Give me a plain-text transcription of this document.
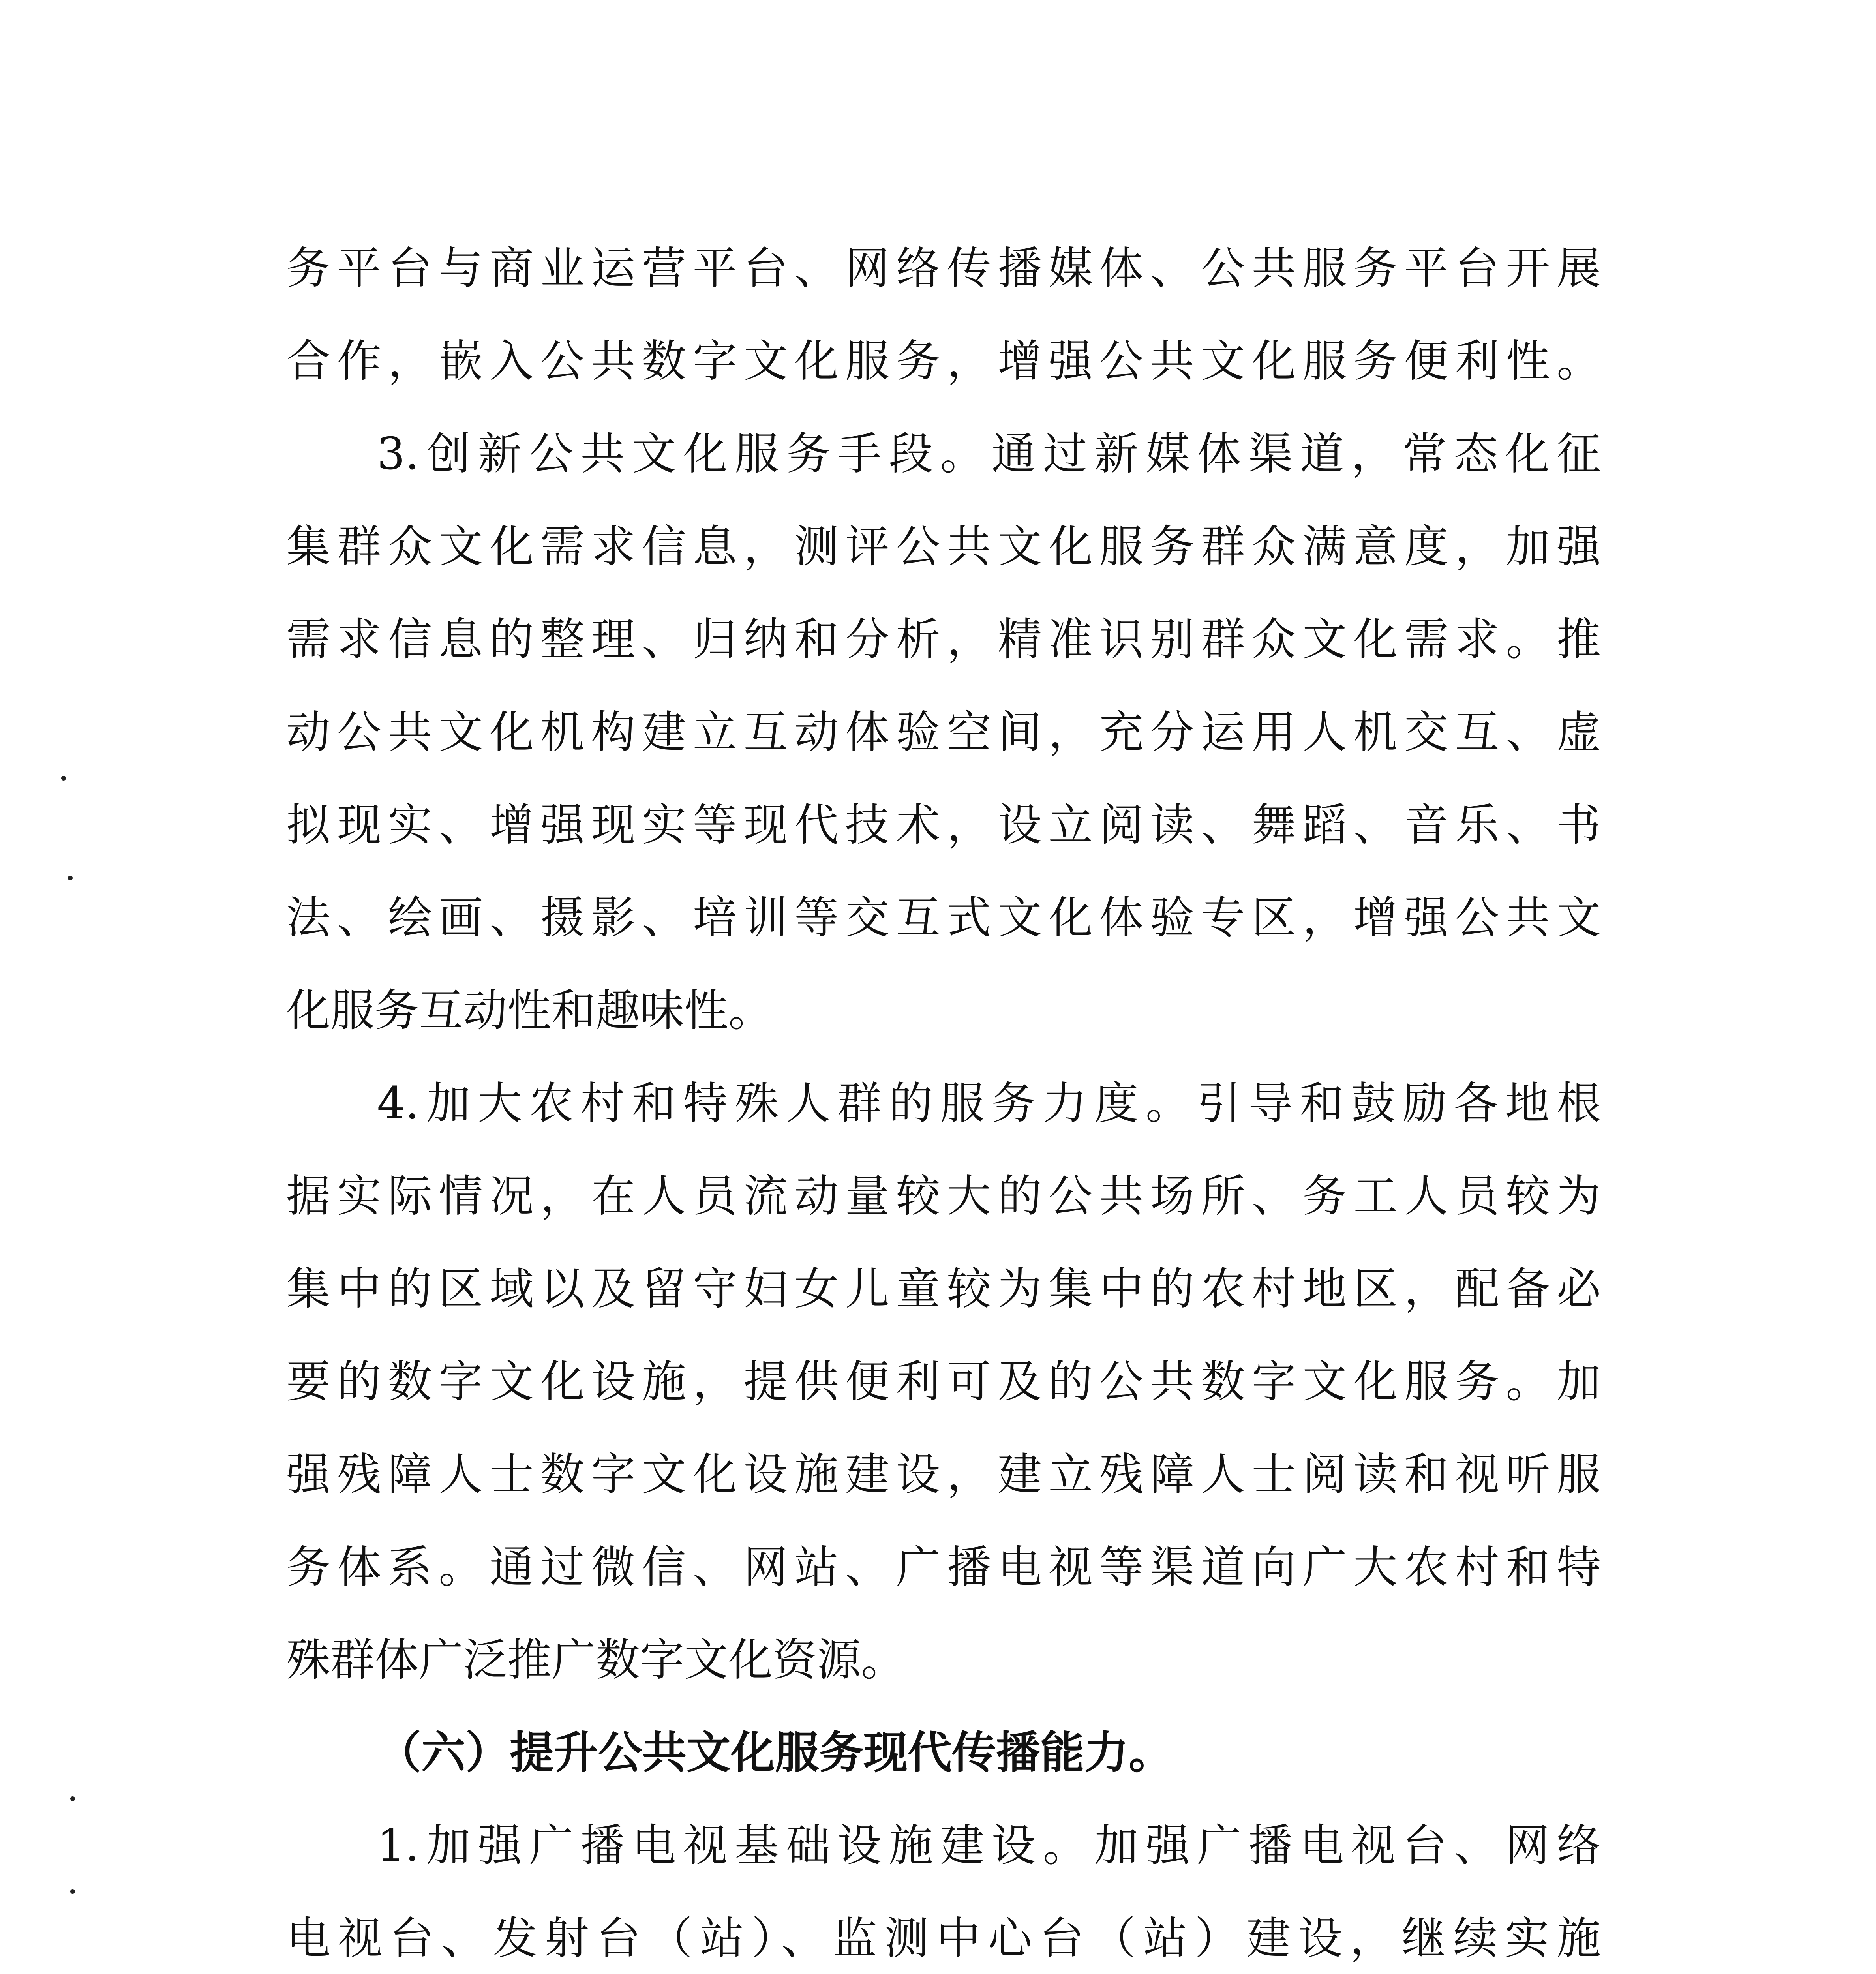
务平台与商业运营平台、网络传播媒体、公共服务平台开展
合作，嵌入公共数字文化服务，增强公共文化服务便利性。
3.创新公共文化服务手段。通过新媒体渠道，常态化征
集群众文化需求信息，测评公共文化服务群众满意度，加强
需求信息的整理、归纳和分析，精准识别群众文化需求。推
动公共文化机构建立互动体验空间，充分运用人机交互、虚
拟现实、增强现实等现代技术，设立阅读、舞蹈、音乐、书
法、绘画、摄影、培训等交互式文化体验专区，增强公共文
化服务互动性和趣味性。
4.加大农村和特殊人群的服务力度。引导和鼓励各地根
据实际情况，在人员流动量较大的公共场所、务工人员较为
集中的区域以及留守妇女儿童较为集中的农村地区，配备必
要的数字文化设施，提供便利可及的公共数字文化服务。加
强残障人士数字文化设施建设，建立残障人士阅读和视听服
务体系。通过微信、网站、广播电视等渠道向广大农村和特
殊群体广泛推广数字文化资源。
（六）提升公共文化服务现代传播能力。
1.加强广播电视基础设施建设。加强广播电视台、网络
电视台、发射台（站）、监测中心台（站）建设，继续实施
